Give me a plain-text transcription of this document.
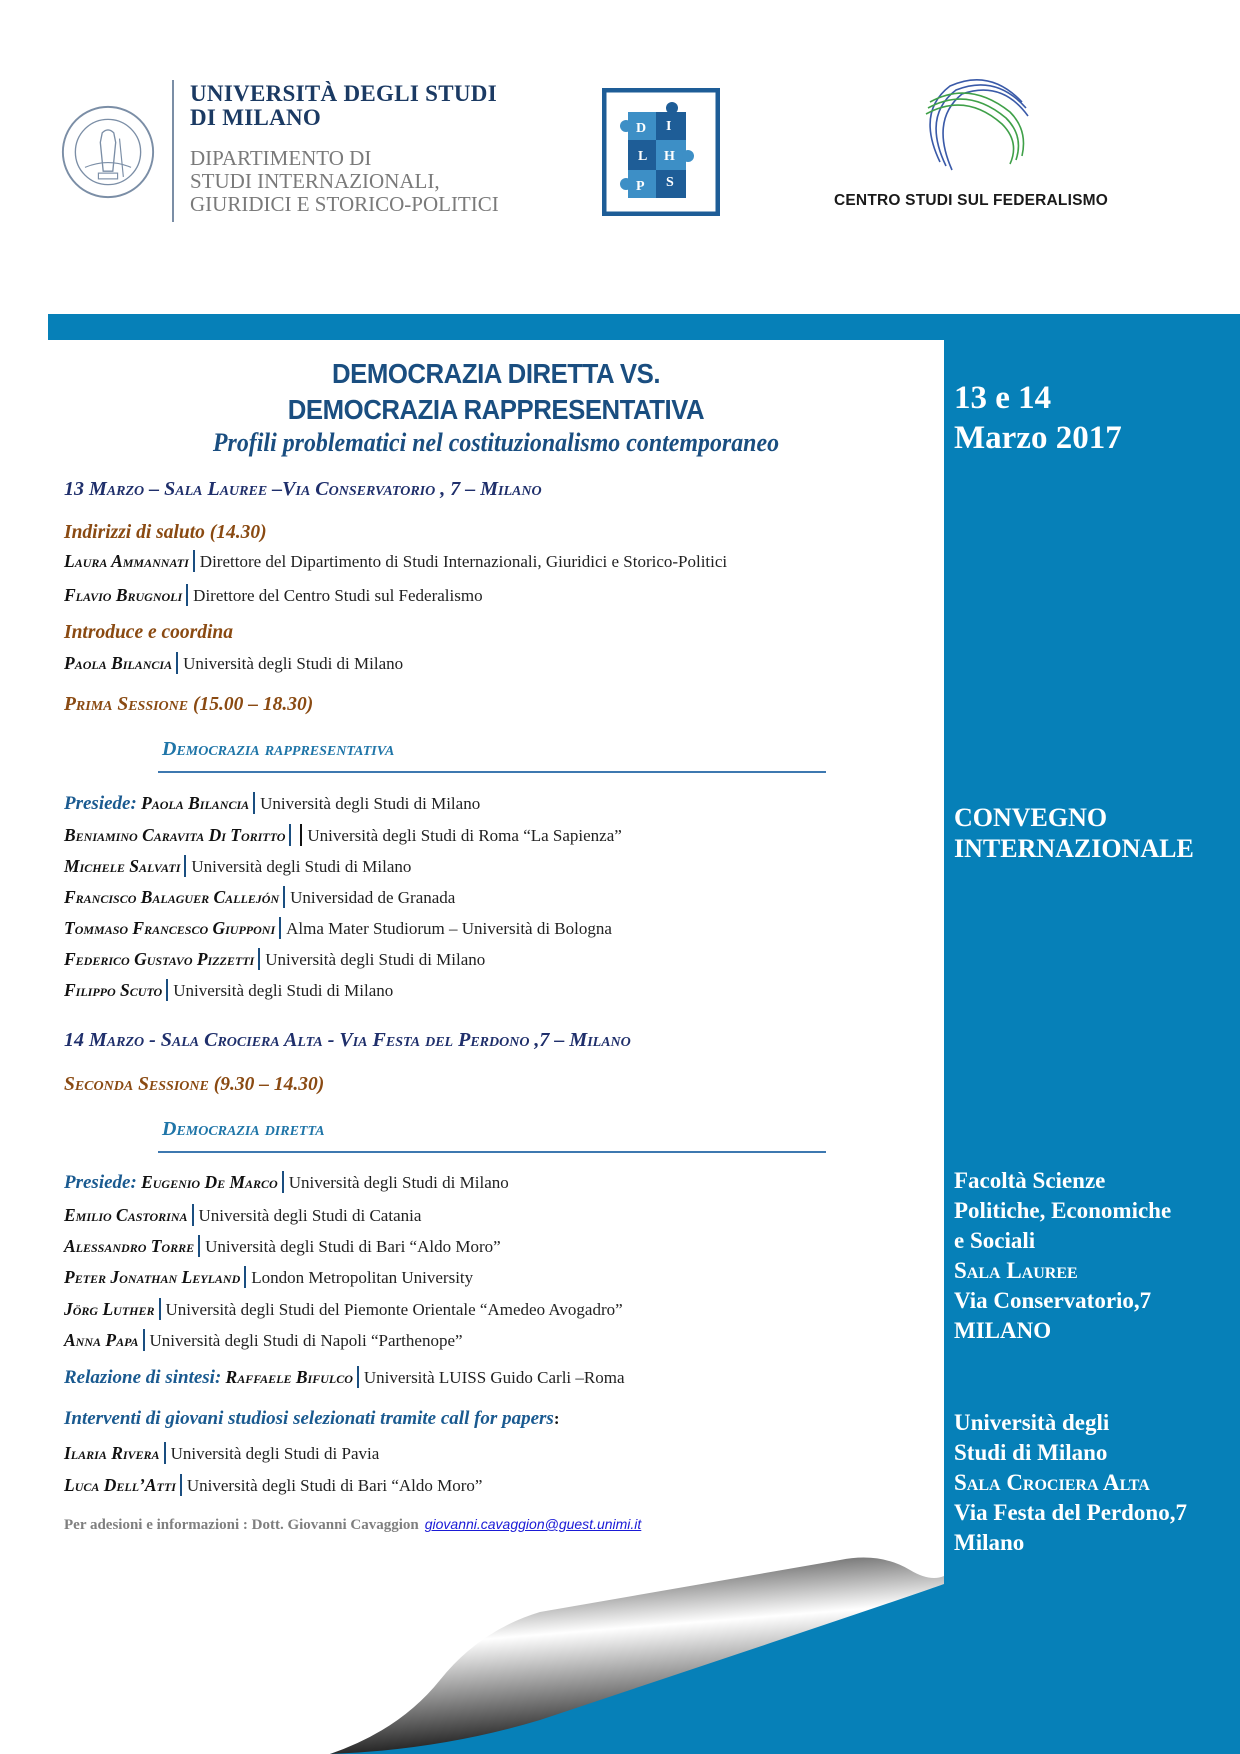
UNIVERSITÀ DEGLI STUDI
DI MILANO
DIPARTIMENTO DI
STUDI INTERNAZIONALI,
GIURIDICI E STORICO-POLITICI
D I
L H
P S
CENTRO STUDI SUL FEDERALISMO
13 e 14
Marzo 2017
CONVEGNO
INTERNAZIONALE
Facoltà Scienze
Politiche, Economiche
e Sociali
Sala Lauree
Via Conservatorio,7
MILANO
Università degli
Studi di Milano
Sala Crociera Alta
Via Festa del Perdono,7
Milano
DEMOCRAZIA DIRETTA VS.
DEMOCRAZIA RAPPRESENTATIVA
Profili problematici nel costituzionalismo contemporaneo
13 Marzo – Sala Lauree –Via Conservatorio , 7 – Milano
Indirizzi di saluto (14.30)
Laura Ammannati Direttore del Dipartimento di Studi Internazionali, Giuridici e Storico-Politici
Flavio Brugnoli Direttore del Centro Studi sul Federalismo
Introduce e coordina
Paola Bilancia Università degli Studi di Milano
Prima Sessione (15.00 – 18.30)
Democrazia rappresentativa
Presiede: Paola Bilancia Università degli Studi di Milano
Beniamino Caravita Di Toritto Università degli Studi di Roma “La Sapienza”
Michele Salvati Università degli Studi di Milano
Francisco Balaguer Callejón Universidad de Granada
Tommaso Francesco Giupponi Alma Mater Studiorum – Università di Bologna
Federico Gustavo Pizzetti Università degli Studi di Milano
Filippo Scuto Università degli Studi di Milano
14 Marzo - Sala Crociera Alta - Via Festa del Perdono ,7 – Milano
Seconda Sessione (9.30 – 14.30)
Democrazia diretta
Presiede: Eugenio De Marco Università degli Studi di Milano
Emilio Castorina Università degli Studi di Catania
Alessandro Torre Università degli Studi di Bari “Aldo Moro”
Peter Jonathan Leyland London Metropolitan University
Jörg Luther Università degli Studi del Piemonte Orientale “Amedeo Avogadro”
Anna Papa Università degli Studi di Napoli “Parthenope”
Relazione di sintesi: Raffaele Bifulco Università LUISS Guido Carli –Roma
Interventi di giovani studiosi selezionati tramite call for papers:
Ilaria Rivera Università degli Studi di Pavia
Luca Dell’Atti Università degli Studi di Bari “Aldo Moro”
Per adesioni e informazioni : Dott. Giovanni Cavaggion giovanni.cavaggion@guest.unimi.it
